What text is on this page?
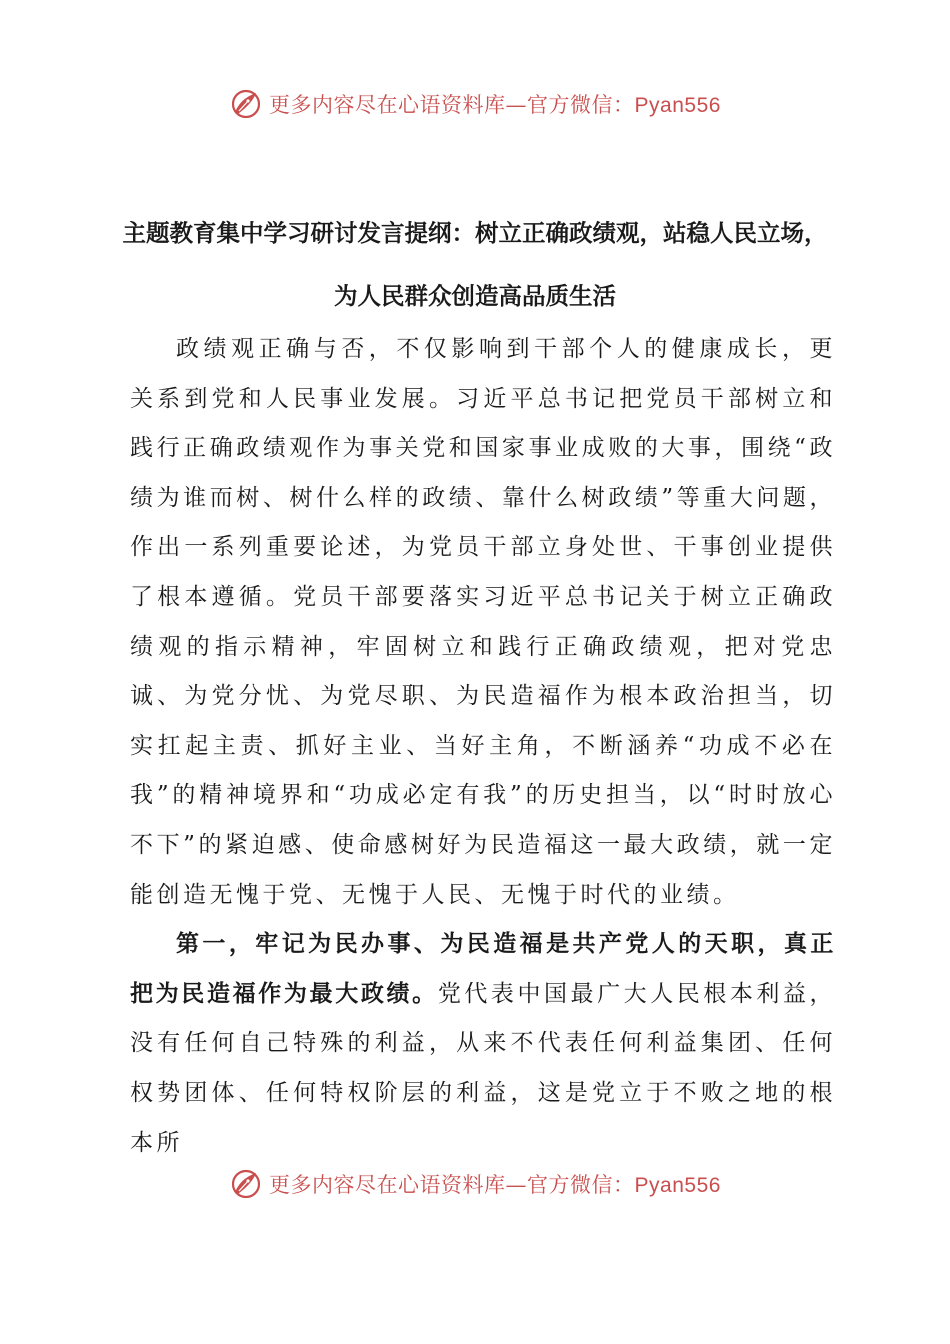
更多内容尽在心语资料库—官方微信：Pyan556
主题教育集中学习研讨发言提纲：树立正确政绩观，站稳人民立场，为人民群众创造高品质生活

政绩观正确与否，不仅影响到干部个人的健康成长，更关系到党和人民事业发展。习近平总书记把党员干部树立和践行正确政绩观作为事关党和国家事业成败的大事，围绕“政绩为谁而树、树什么样的政绩、靠什么树政绩”等重大问题，作出一系列重要论述，为党员干部立身处世、干事创业提供了根本遵循。党员干部要落实习近平总书记关于树立正确政绩观的指示精神，牢固树立和践行正确政绩观，把对党忠诚、为党分忧、为党尽职、为民造福作为根本政治担当，切实扛起主责、抓好主业、当好主角，不断涵养“功成不必在我”的精神境界和“功成必定有我”的历史担当，以“时时放心不下”的紧迫感、使命感树好为民造福这一最大政绩，就一定能创造无愧于党、无愧于人民、无愧于时代的业绩。

第一，牢记为民办事、为民造福是共产党人的天职，真正把为民造福作为最大政绩。党代表中国最广大人民根本利益，没有任何自己特殊的利益，从来不代表任何利益集团、任何权势团体、任何特权阶层的利益，这是党立于不败之地的根本所

更多内容尽在心语资料库—官方微信：Pyan556
